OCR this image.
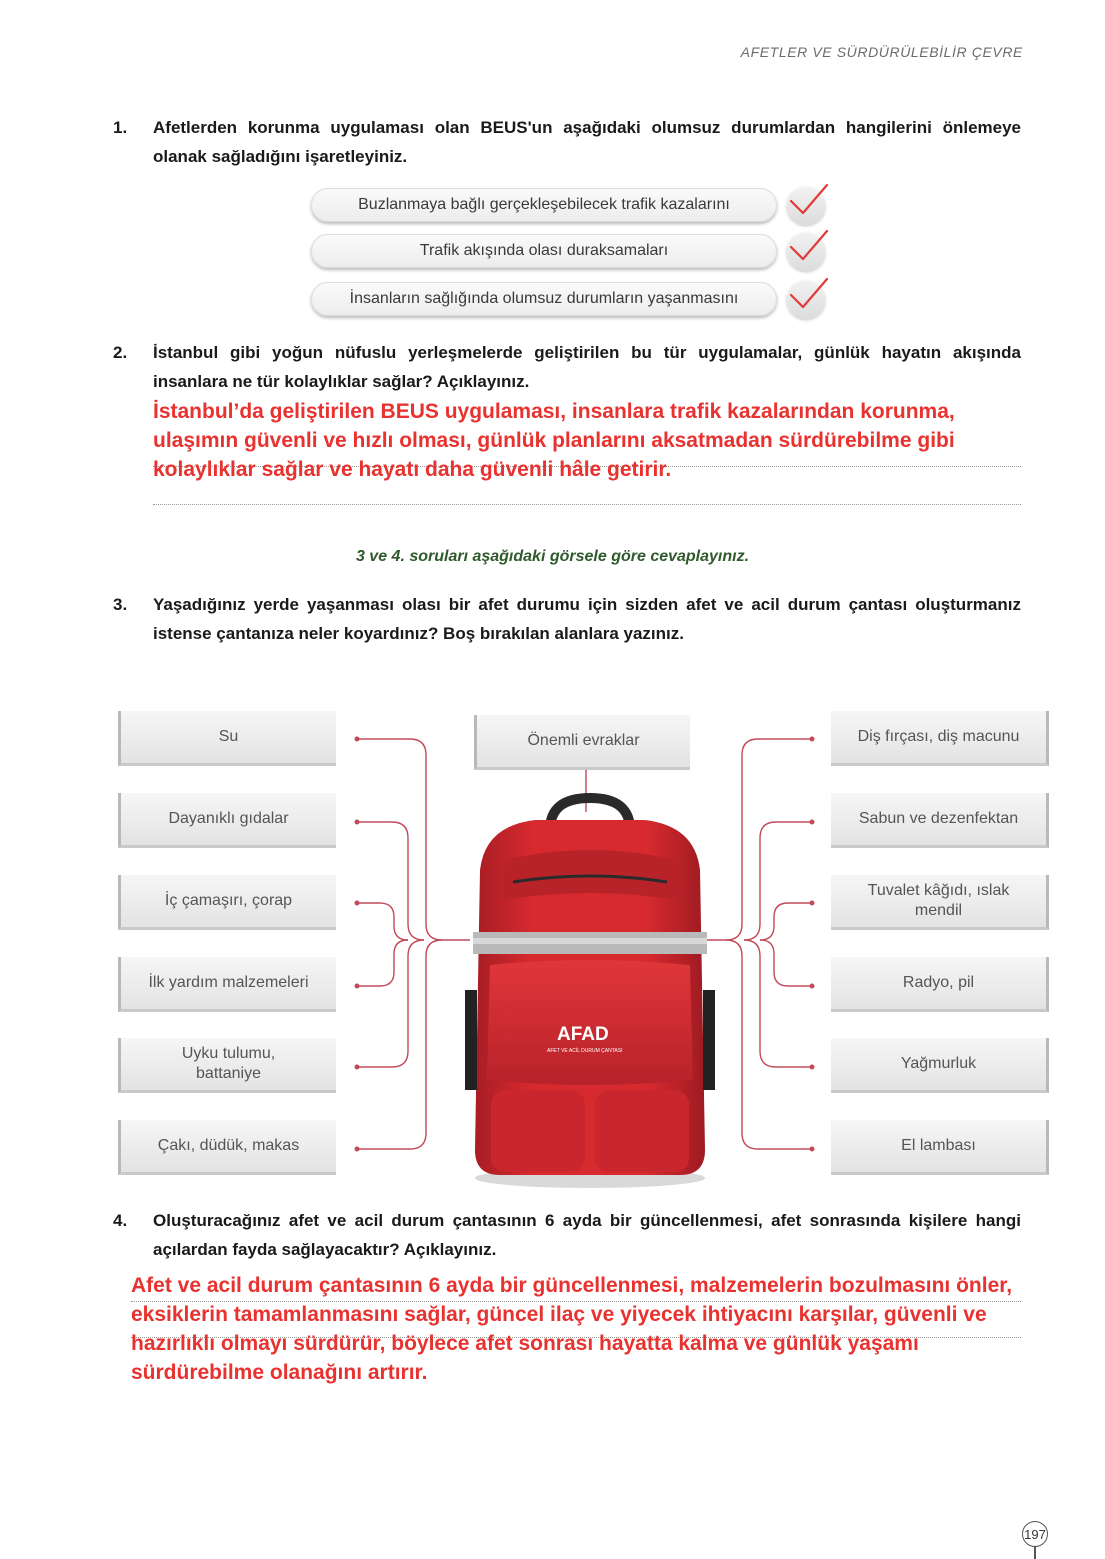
AFETLER VE SÜRDÜRÜLEBİLİR ÇEVRE
1. Afetlerden korunma uygulaması olan BEUS'un aşağıdaki olumsuz durumlardan hangilerini önlemeye olanak sağladığını işaretleyiniz.
Buzlanmaya bağlı gerçekleşebilecek trafik kazalarını
Trafik akışında olası duraksamaları
İnsanların sağlığında olumsuz durumların yaşanmasını
2. İstanbul gibi yoğun nüfuslu yerleşmelerde geliştirilen bu tür uygulamalar, günlük hayatın akışında insanlara ne tür kolaylıklar sağlar? Açıklayınız.
İstanbul’da geliştirilen BEUS uygulaması, insanlara trafik kazalarından korunma, ulaşımın güvenli ve hızlı olması, günlük planlarını aksatmadan sürdürebilme gibi kolaylıklar sağlar ve hayatı daha güvenli hâle getirir.
3 ve 4. soruları aşağıdaki görsele göre cevaplayınız.
3. Yaşadığınız yerde yaşanması olası bir afet durumu için sizden afet ve acil durum çantası oluşturmanız istense çantanıza neler koyardınız? Boş bırakılan alanlara yazınız.
AFAD
AFET VE ACİL DURUM ÇANTASI
Önemli evraklar
Su
Dayanıklı gıdalar
İç çamaşırı, çorap
İlk yardım malzemeleri
Uyku tulumu, battaniye
Çakı, düdük, makas
Diş fırçası, diş macunu
Sabun ve dezenfektan
Tuvalet kâğıdı, ıslak mendil
Radyo, pil
Yağmurluk
El lambası
4. Oluşturacağınız afet ve acil durum çantasının 6 ayda bir güncellenmesi, afet sonrasında kişilere hangi açılardan fayda sağlayacaktır? Açıklayınız.
Afet ve acil durum çantasının 6 ayda bir güncellenmesi, malzemelerin bozulmasını önler, eksiklerin tamamlanmasını sağlar, güncel ilaç ve yiyecek ihtiyacını karşılar, güvenli ve hazırlıklı olmayı sürdürür, böylece afet sonrası hayatta kalma ve günlük yaşamı sürdürebilme olanağını artırır.
197
